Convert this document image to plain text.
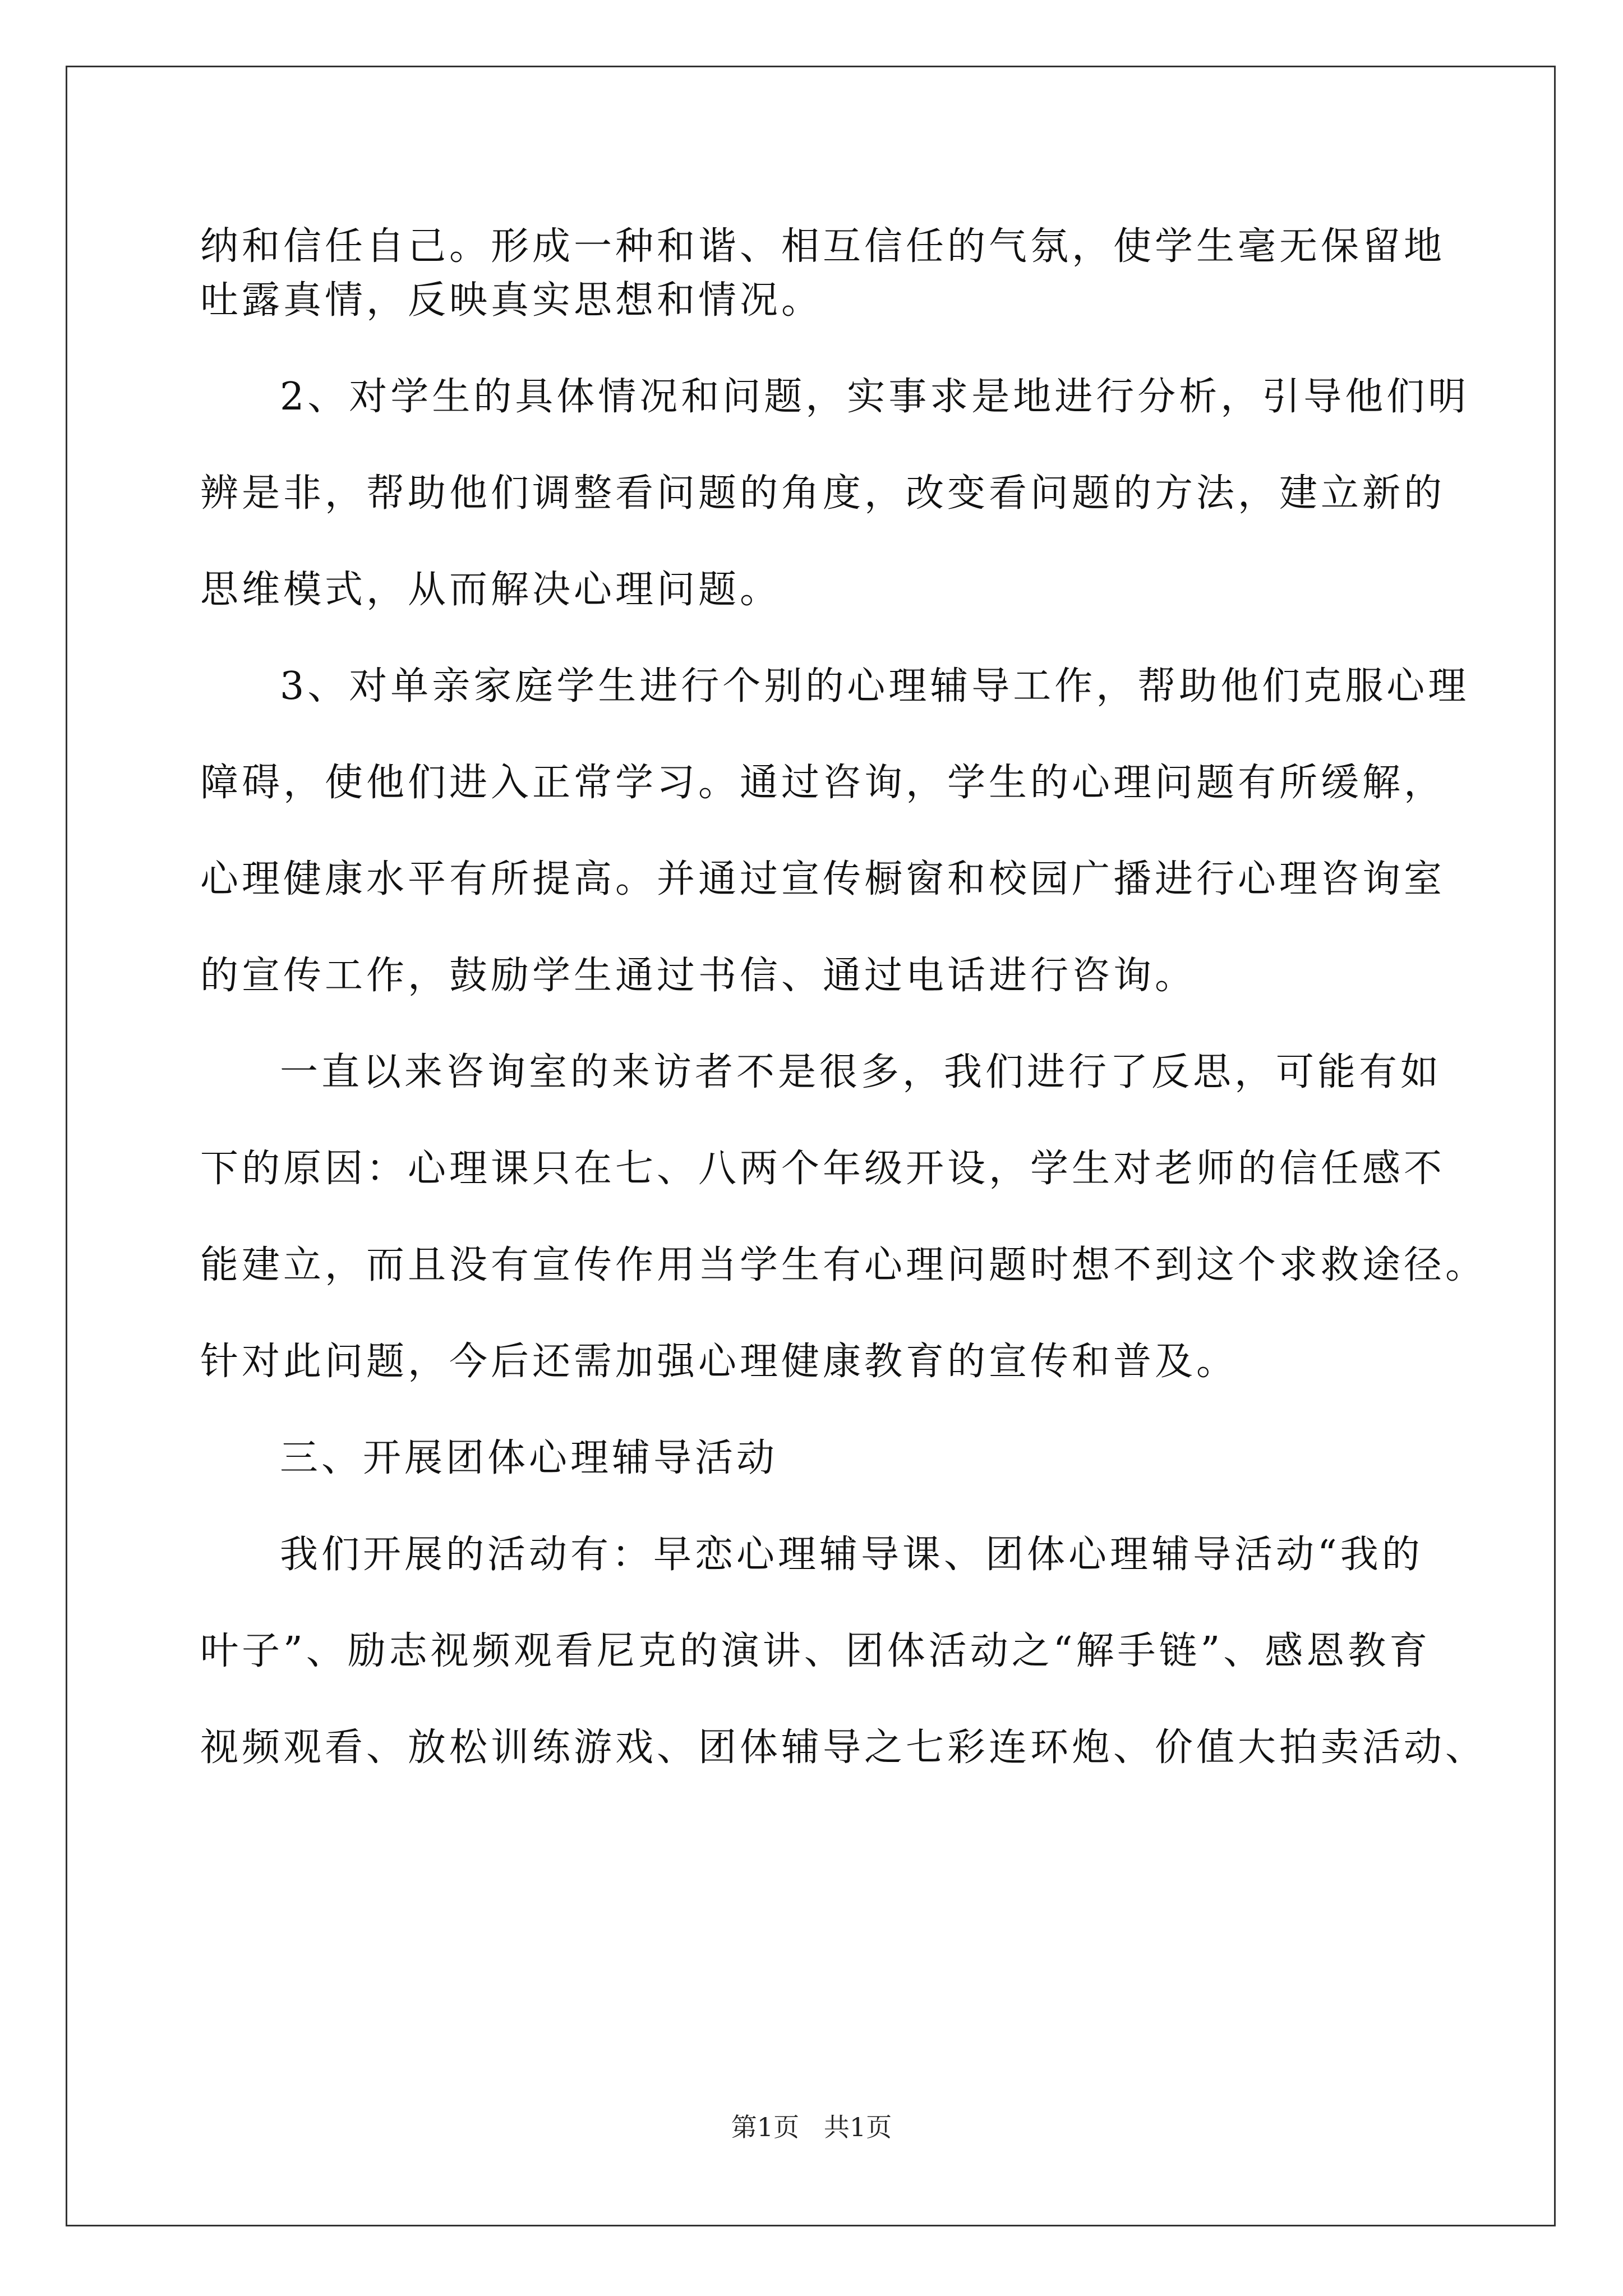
纳和信任自己。形成一种和谐、相互信任的气氛，使学生毫无保留地
吐露真情，反映真实思想和情况。
2、对学生的具体情况和问题，实事求是地进行分析，引导他们明
辨是非，帮助他们调整看问题的角度，改变看问题的方法，建立新的
思维模式，从而解决心理问题。
3、对单亲家庭学生进行个别的心理辅导工作，帮助他们克服心理
障碍，使他们进入正常学习。通过咨询，学生的心理问题有所缓解，
心理健康水平有所提高。并通过宣传橱窗和校园广播进行心理咨询室
的宣传工作，鼓励学生通过书信、通过电话进行咨询。
一直以来咨询室的来访者不是很多，我们进行了反思，可能有如
下的原因：心理课只在七、八两个年级开设，学生对老师的信任感不
能建立，而且没有宣传作用当学生有心理问题时想不到这个求救途径。
针对此问题，今后还需加强心理健康教育的宣传和普及。
三、开展团体心理辅导活动
我们开展的活动有：早恋心理辅导课、团体心理辅导活动“我的
叶子”、励志视频观看尼克的演讲、团体活动之“解手链”、感恩教育
视频观看、放松训练游戏、团体辅导之七彩连环炮、价值大拍卖活动、
第1页   共1页
